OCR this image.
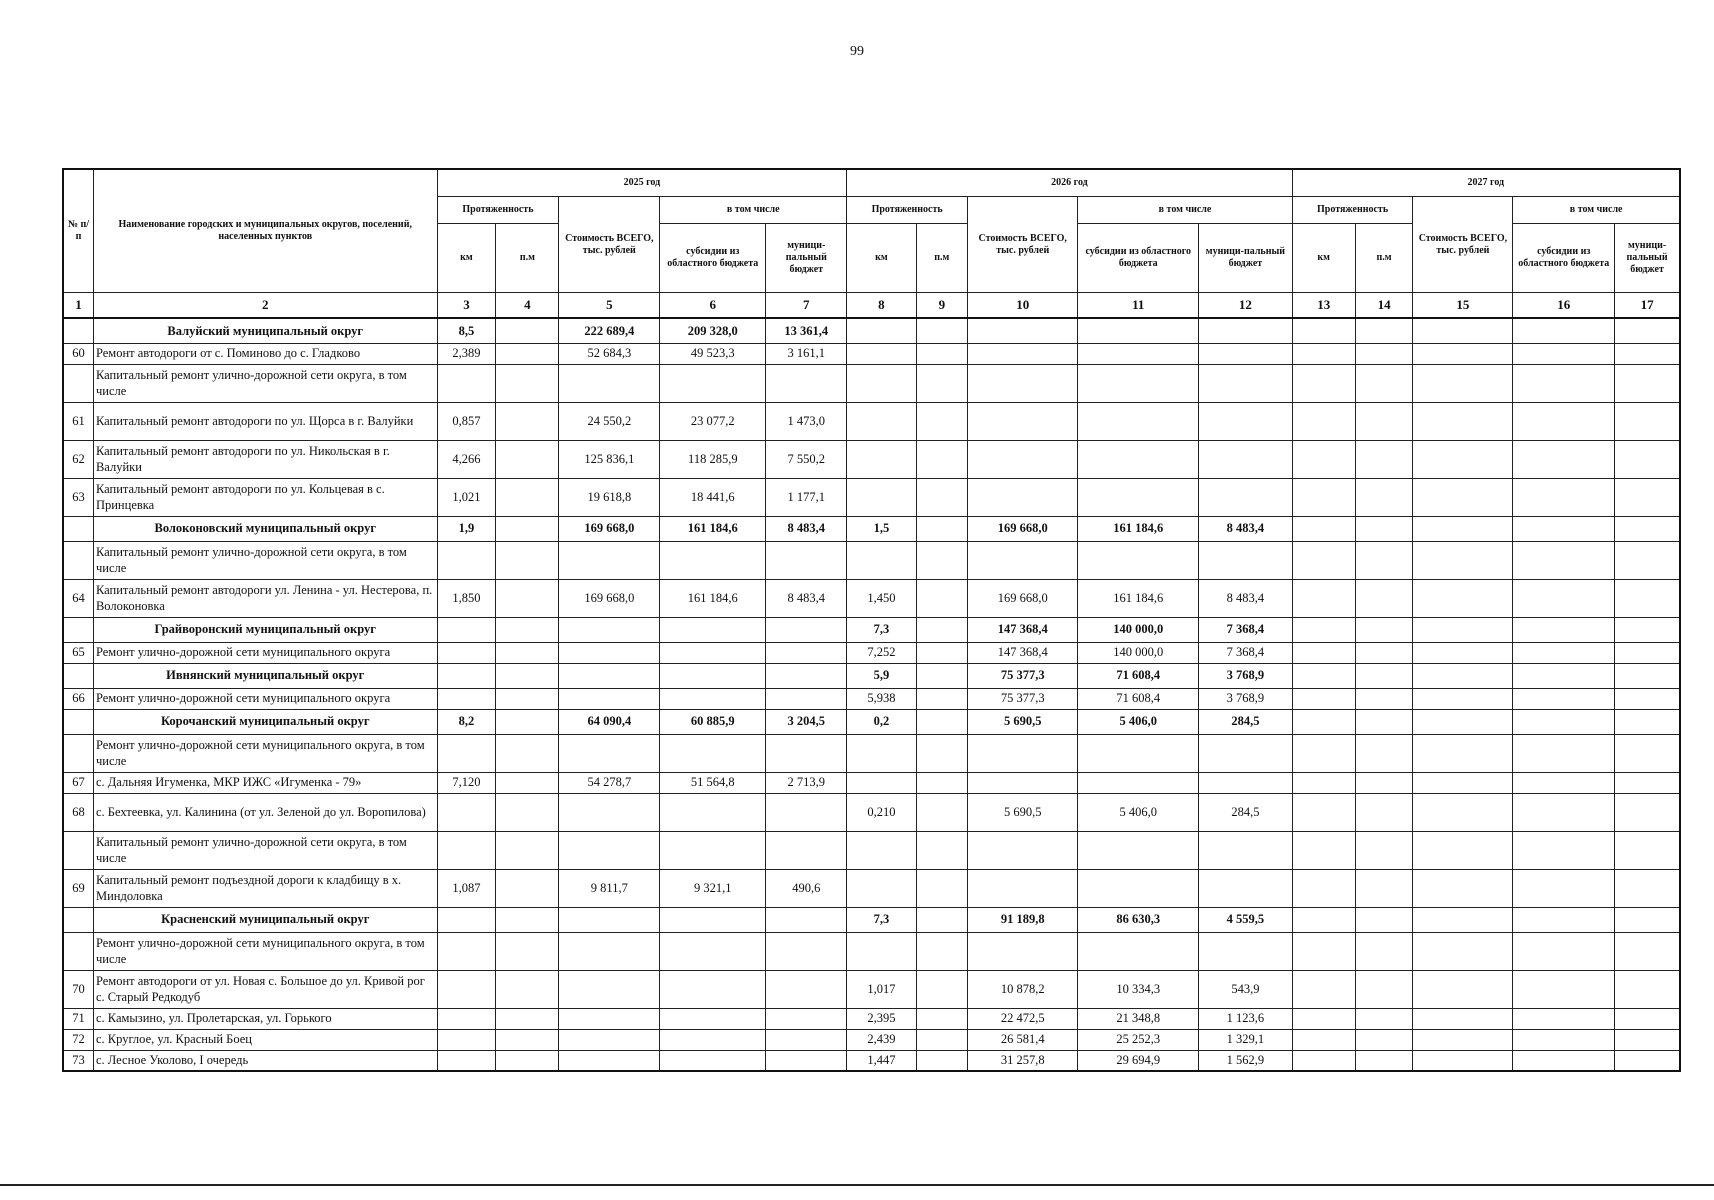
99
№ п/п	Наименование городских и муниципальных округов, поселений, населенных пунктов	2025 год					2026 год					2027 год				
		Протяженность		Стоимость ВСЕГО, тыс. рублей	в том числе		Протяженность		Стоимость ВСЕГО, тыс. рублей	в том числе		Протяженность		Стоимость ВСЕГО, тыс. рублей	в том числе	
		км	п.м		субсидии из областного бюджета	муници-пальный бюджет	км	п.м		субсидии из областного бюджета	муници-пальный бюджет	км	п.м		субсидии из областного бюджета	муници-пальный бюджет
1	2	3	4	5	6	7	8	9	10	11	12	13	14	15	16	17
	Валуйский муниципальный округ	8,5		222 689,4	209 328,0	13 361,4										
60	Ремонт автодороги от с. Поминово до с. Гладково	2,389		52 684,3	49 523,3	3 161,1										
	Капитальный ремонт улично-дорожной сети округа, в том числе															
61	Капитальный ремонт автодороги по ул. Щорса в г. Валуйки	0,857		24 550,2	23 077,2	1 473,0										
62	Капитальный ремонт автодороги по ул. Никольская в г. Валуйки	4,266		125 836,1	118 285,9	7 550,2										
63	Капитальный ремонт автодороги по ул. Кольцевая в с. Принцевка	1,021		19 618,8	18 441,6	1 177,1										
	Волоконовский муниципальный округ	1,9		169 668,0	161 184,6	8 483,4	1,5		169 668,0	161 184,6	8 483,4					
	Капитальный ремонт улично-дорожной сети округа, в том числе															
64	Капитальный ремонт автодороги ул. Ленина - ул. Нестерова, п. Волоконовка	1,850		169 668,0	161 184,6	8 483,4	1,450		169 668,0	161 184,6	8 483,4					
	Грайворонский муниципальный округ						7,3		147 368,4	140 000,0	7 368,4					
65	Ремонт улично-дорожной сети муниципального округа						7,252		147 368,4	140 000,0	7 368,4					
	Ивнянский муниципальный округ						5,9		75 377,3	71 608,4	3 768,9					
66	Ремонт улично-дорожной сети муниципального округа						5,938		75 377,3	71 608,4	3 768,9					
	Корочанский муниципальный округ	8,2		64 090,4	60 885,9	3 204,5	0,2		5 690,5	5 406,0	284,5					
	Ремонт улично-дорожной сети муниципального округа, в том числе															
67	с. Дальняя Игуменка, МКР ИЖС «Игуменка - 79»	7,120		54 278,7	51 564,8	2 713,9										
68	с. Бехтеевка, ул. Калинина (от ул. Зеленой до ул. Воропилова)						0,210		5 690,5	5 406,0	284,5					
	Капитальный ремонт улично-дорожной сети округа, в том числе															
69	Капитальный ремонт подъездной дороги к кладбищу в х. Миндоловка	1,087		9 811,7	9 321,1	490,6										
	Красненский муниципальный округ						7,3		91 189,8	86 630,3	4 559,5					
	Ремонт улично-дорожной сети муниципального округа, в том числе															
70	Ремонт автодороги от ул. Новая с. Большое до ул. Кривой рог с. Старый Редкодуб						1,017		10 878,2	10 334,3	543,9					
71	с. Камызино, ул. Пролетарская, ул. Горького						2,395		22 472,5	21 348,8	1 123,6					
72	с. Круглое, ул. Красный Боец						2,439		26 581,4	25 252,3	1 329,1					
73	с. Лесное Уколово, I очередь						1,447		31 257,8	29 694,9	1 562,9					
